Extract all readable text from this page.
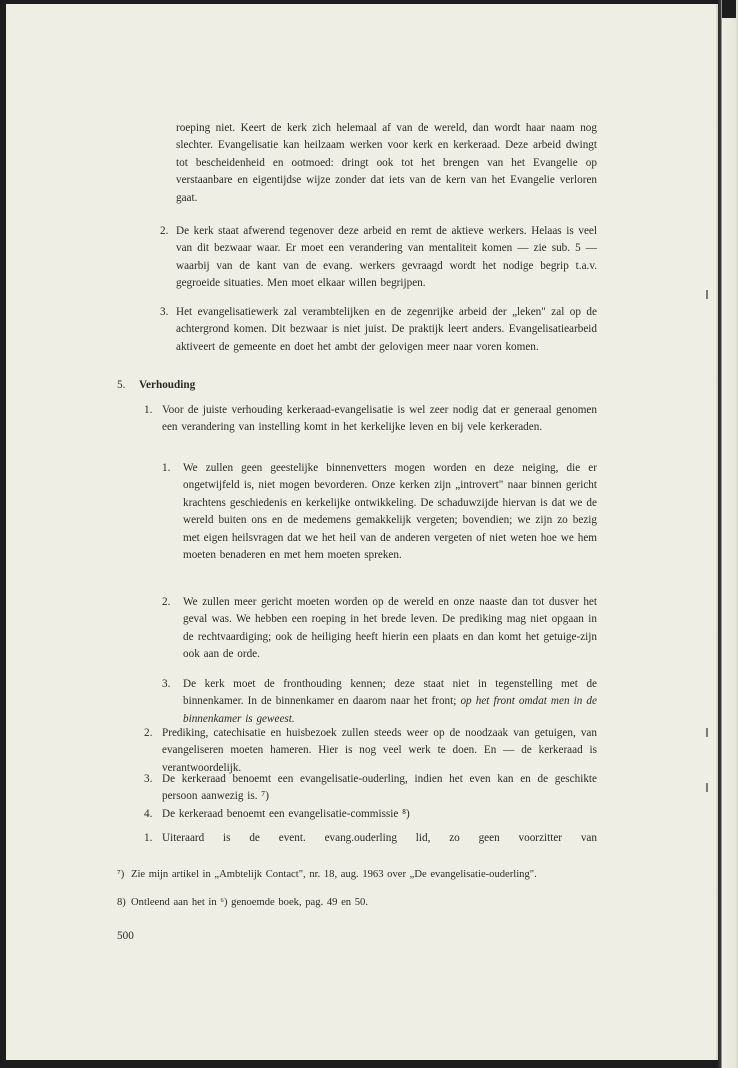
roeping niet. Keert de kerk zich helemaal af van de wereld, dan wordt haar naam nog slechter. Evangelisatie kan heilzaam werken voor kerk en kerkeraad. Deze arbeid dwingt tot bescheidenheid en ootmoed: dringt ook tot het brengen van het Evangelie op verstaanbare en eigentijdse wijze zonder dat iets van de kern van het Evangelie verloren gaat.
2. De kerk staat afwerend tegenover deze arbeid en remt de aktieve werkers. Helaas is veel van dit bezwaar waar. Er moet een verandering van mentaliteit komen — zie sub. 5 — waarbij van de kant van de evang. werkers gevraagd wordt het nodige begrip t.a.v. gegroeide situaties. Men moet elkaar willen begrijpen.
3. Het evangelisatiewerk zal verambtelijken en de zegenrijke arbeid der „leken" zal op de achtergrond komen. Dit bezwaar is niet juist. De praktijk leert anders. Evangelisatiearbeid aktiveert de gemeente en doet het ambt der gelovigen meer naar voren komen.
5. Verhouding
1. Voor de juiste verhouding kerkeraad-evangelisatie is wel zeer nodig dat er generaal genomen een verandering van instelling komt in het kerkelijke leven en bij vele kerkeraden.
1. We zullen geen geestelijke binnenvetters mogen worden en deze neiging, die er ongetwijfeld is, niet mogen bevorderen. Onze kerken zijn „introvert" naar binnen gericht krachtens geschiedenis en kerkelijke ontwikkeling. De schaduwzijde hiervan is dat we de wereld buiten ons en de medemens gemakkelijk vergeten; bovendien; we zijn zo bezig met eigen heilsvragen dat we het heil van de anderen vergeten of niet weten hoe we hem moeten benaderen en met hem moeten spreken.
2. We zullen meer gericht moeten worden op de wereld en onze naaste dan tot dusver het geval was. We hebben een roeping in het brede leven. De prediking mag niet opgaan in de rechtvaardiging; ook de heiliging heeft hierin een plaats en dan komt het getuige-zijn ook aan de orde.
3. De kerk moet de fronthouding kennen; deze staat niet in tegenstelling met de binnenkamer. In de binnenkamer en daarom naar het front; op het front omdat men in de binnenkamer is geweest.
2. Prediking, catechisatie en huisbezoek zullen steeds weer op de noodzaak van getuigen, van evangeliseren moeten hameren. Hier is nog veel werk te doen. En — de kerkeraad is verantwoordelijk.
3. De kerkeraad benoemt een evangelisatie-ouderling, indien het even kan en de geschikte persoon aanwezig is. ⁷)
4. De kerkeraad benoemt een evangelisatie-commissie ⁸)
1. Uiteraard is de event. evang.ouderling lid, zo geen voorzitter van
⁷) Zie mijn artikel in „Ambtelijk Contact", nr. 18, aug. 1963 over „De evangelisatie-ouderling".
8) Ontleend aan het in ⁶) genoemde boek, pag. 49 en 50.
500
